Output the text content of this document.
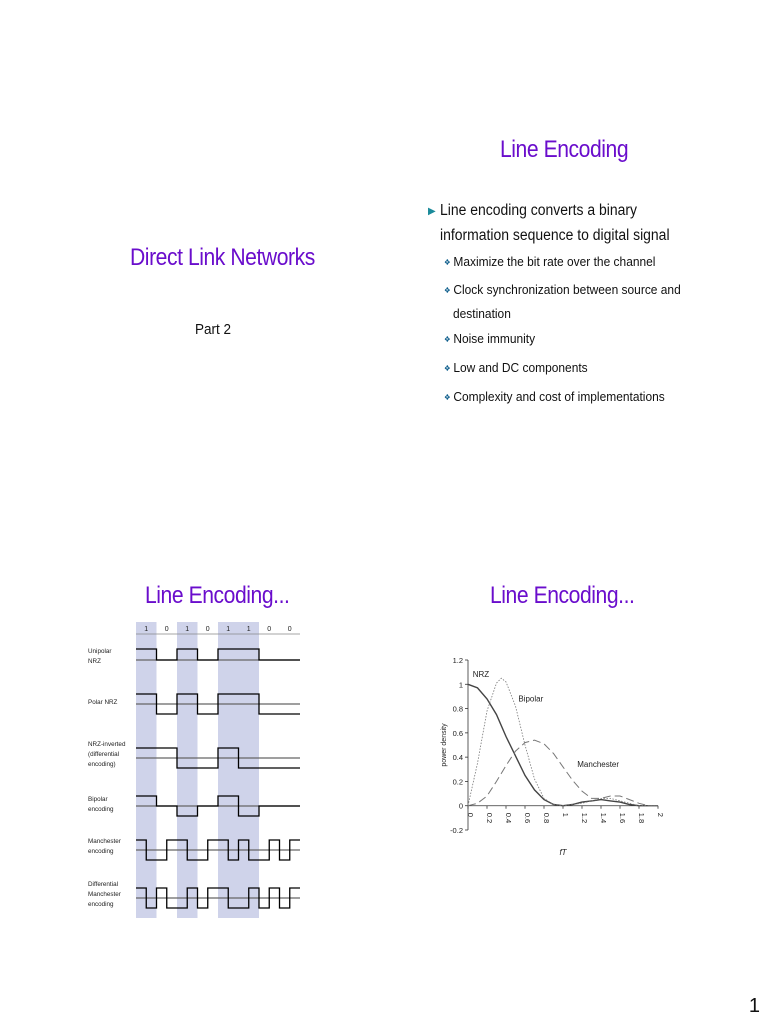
Direct Link Networks
Part 2
Line Encoding
▶ Line encoding converts a binary
information sequence to digital signal
❖ Maximize the bit rate over the channel
❖ Clock synchronization between source and
destination
❖ Noise immunity
❖ Low and DC components
❖ Complexity and cost of implementations
Line Encoding...
1 0 1 0 1 1 0 0
Unipolar
NRZ
Polar NRZ
NRZ-inverted
(differential
encoding)
Bipolar
encoding
Manchester
encoding
Differential
Manchester
encoding
Line Encoding...
-0.2
0
0.2
0.4
0.6
0.8
1
1.2
0 0.2 0.4 0.6 0.8 1 1.2 1.4 1.6 1.8 2
power density
fT
NRZ
Bipolar
Manchester
1
